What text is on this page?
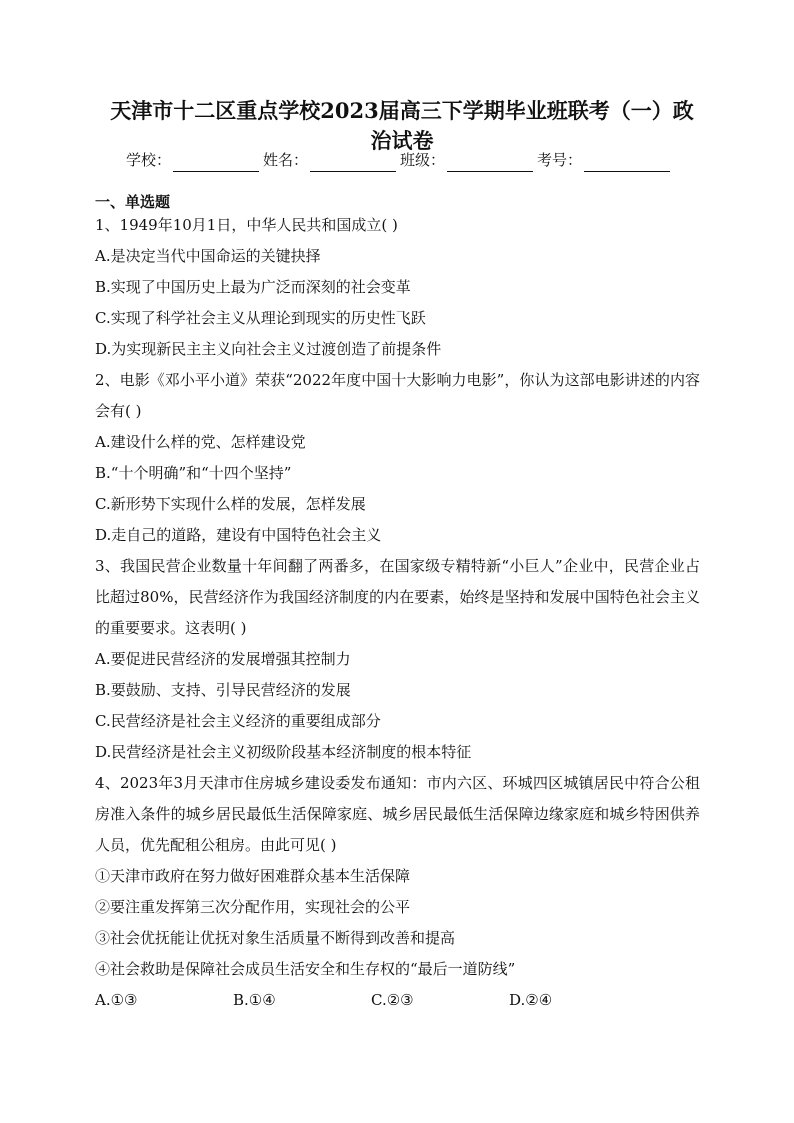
天津市十二区重点学校2023届高三下学期毕业班联考（一）政治试卷
学校：	姓名：	班级：	考号：
一、单选题
1、1949年10月1日，中华人民共和国成立( )
A.是决定当代中国命运的关键抉择
B.实现了中国历史上最为广泛而深刻的社会变革
C.实现了科学社会主义从理论到现实的历史性飞跃
D.为实现新民主主义向社会主义过渡创造了前提条件
2、电影《邓小平小道》荣获“2022年度中国十大影响力电影”，你认为这部电影讲述的内容会有( )
A.建设什么样的党、怎样建设党
B.“十个明确”和“十四个坚持”
C.新形势下实现什么样的发展，怎样发展
D.走自己的道路，建设有中国特色社会主义
3、我国民营企业数量十年间翻了两番多，在国家级专精特新“小巨人”企业中，民营企业占比超过80%，民营经济作为我国经济制度的内在要素，始终是坚持和发展中国特色社会主义的重要要求。这表明( )
A.要促进民营经济的发展增强其控制力
B.要鼓励、支持、引导民营经济的发展
C.民营经济是社会主义经济的重要组成部分
D.民营经济是社会主义初级阶段基本经济制度的根本特征
4、2023年3月天津市住房城乡建设委发布通知：市内六区、环城四区城镇居民中符合公租房准入条件的城乡居民最低生活保障家庭、城乡居民最低生活保障边缘家庭和城乡特困供养人员，优先配租公租房。由此可见( )
①天津市政府在努力做好困难群众基本生活保障
②要注重发挥第三次分配作用，实现社会的公平
③社会优抚能让优抚对象生活质量不断得到改善和提高
④社会救助是保障社会成员生活安全和生存权的“最后一道防线”
A.①③	B.①④	C.②③	D.②④
